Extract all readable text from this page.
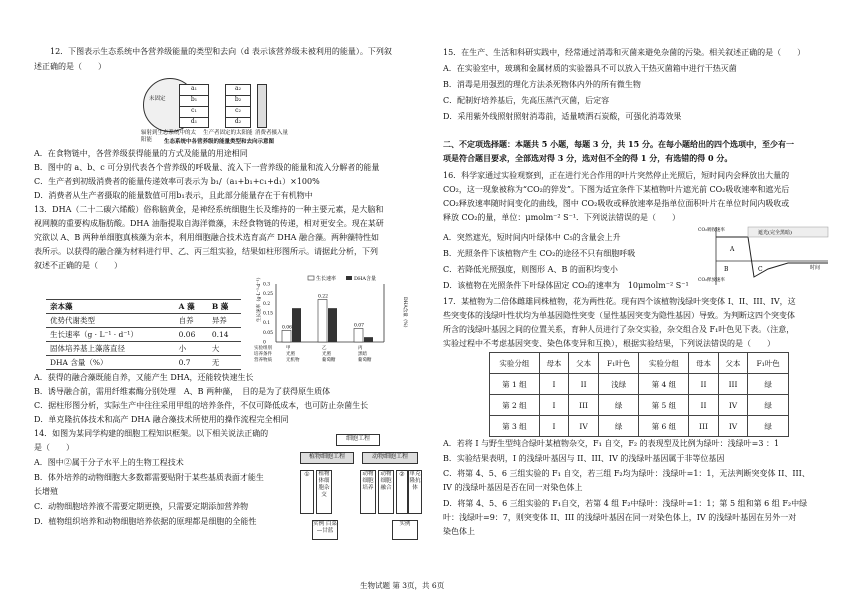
12．下图表示生态系统中各营养级能量的类型和去向（d 表示该营养级未被利用的能量）。下列叙

述正确的是（　　）

未固定
a₁
b₁
c₁
d₁
a₂
b₂
c₂
d₂
辐射到生态系统中的太阳能
生产者固定的太阳能 消费者摄入量
生态系统中各营养级的能量类型和去向示意图

A．在食物链中，各营养级获得能量的方式及能量的用途相同

B．图中的 a、b、c 可分别代表各个营养级的呼吸量、流入下一营养级的能量和流入分解者的能量

C．生产者到初级消费者的能量传递效率可表示为 b₁/（a₁+b₁+c₁+d₁）×100%

D．消费者从生产者摄取的能量数值可用b₁表示，且此部分能量存在于有机物中

13．DHA（二十二碳六烯酸）俗称脑黄金，是神经系统细胞生长及维持的一种主要元素，是大脑和

视网膜的重要构成脂肪酸。DHA 油脂提取自海洋微藻，未经食物链的传递，相对更安全。现在某研

究欲以 A、B 两种单细胞真核藻为亲本，利用细胞融合技术选育高产 DHA 融合藻。两种藻特性如

表所示。以获得的融合藻为材料进行甲、乙、丙三组实验，结果如柱形图所示。请据此分析，下列

叙述不正确的是（　　）

亲本藻	A 藻	B 藻
优势代谢类型	自养	异养
生长速率（g · L⁻¹ · d⁻¹）	0.06	0.14
固体培养基上藻落直径	小	大
DHA 含量（%）	0.7	无
0.3
0.25
0.2
0.15
0.1
0.05
0
0.06
0.22
0.07
生长速率	DHA含量
生长速率（g·L⁻¹·d⁻¹）	DHA含量（%）
甲
光照
无机物
乙
光照
葡萄糖
丙
黑暗
葡萄糖
实验组别
培养条件
营养物质

A．获得的融合藻既能自养，又能产生 DHA，还能较快速生长

B．诱导融合前，需用纤维素酶分别处理　A、B 两种藻，　目的是为了获得原生质体

C．据柱形图分析，实际生产中往往采用甲组的培养条件，不仅可降低成本，也可防止杂菌生长

D．单克隆抗体技术和高产 DHA 融合藻技术所使用的操作流程完全相同

14．如图为某同学构建的细胞工程知识框架。以下相关说法正确的

是（　　）

A．图中②属于分子水平上的生物工程技术

B．体外培养的动物细胞大多数都需要贴附于某些基质表面才能生

长增殖

C．动物细胞培养液不需要定期更换，只需要定期添加营养物

D．植物组织培养和动物细胞培养依据的原理都是细胞的全能性

细胞工程
植物细胞工程	动物细胞工程
①	植物体细胞杂交
动物细胞培养
动物细胞融合
② 单克隆抗体
实例 白菜—甘蓝
实例

15．在生产、生活和科研实践中，经常通过消毒和灭菌来避免杂菌的污染。相关叙述正确的是（　　）

A．在实验室中，玻璃和金属材质的实验器具不可以放入干热灭菌箱中进行干热灭菌

B．消毒是用强烈的理化方法杀死物体内外的所有微生物

C．配制好培养基后，先高压蒸汽灭菌，后定容

D．采用紫外线照射照射消毒前，适量喷洒石炭酸，可强化消毒效果

二、不定项选择题：本题共 5 小题，每题 3 分，共 15 分。在每小题给出的四个选项中，至少有一

项是符合题目要求，全部选对得 3 分，选对但不全的得 1 分，有选错的得 0 分。

16．科学家通过实验观察到，正在进行光合作用的叶片突然停止光照后，短时间内会释放出大量的

CO₂，这一现象被称为“CO₂的猝发”。下图为适宜条件下某植物叶片遮光前 CO₂吸收速率和遮光后

CO₂释放速率随时间变化的曲线，图中 CO₂吸收或释放速率是指单位面积叶片在单位时间内吸收或

释放 CO₂的量，单位：μmolm⁻² S⁻¹．下列说法错误的是（　　）

A．突然遮光，短时间内叶绿体中 C₅的含量会上升

B．光照条件下该植物产生 CO₂的途径不只有细胞呼吸

C．若降低光照强度，则图形 A、B 的面积均变小

D．该植物在光照条件下叶绿体固定 CO₂的速率为　10μmolm⁻² S⁻¹

遮光(完全黑暗)
A
B	C
CO₂吸收速率
CO₂释放速率
时间

17．某植物为二倍体雌雄同株植物，花为两性花。现有四个该植物浅绿叶突变体 I、II、III、IV，这

些突变体的浅绿叶性状均为单基因隐性突变（显性基因突变为隐性基因）导致。为判断这四个突变体

所含的浅绿叶基因之间的位置关系，育种人员进行了杂交实验，杂交组合及 F₁叶色见下表。（注意，

实验过程中不考虑基因突变、染色体变异和互换），根据实验结果，下列说法错误的是（　　）

实验分组	母本	父本	F₁叶色	实验分组	母本	父本	F₁叶色
第 1 组	I	II	浅绿	第 4 组	II	III	绿
第 2 组	I	III	绿	第 5 组	II	IV	绿
第 3 组	I	IV	绿	第 6 组	III	IV	绿

A．若将 I 与野生型纯合绿叶某植物杂交，F₁ 自交，F₂ 的表现型及比例为绿叶：浅绿叶=3 ：1

B．实验结果表明，I 的浅绿叶基因与 II、III、IV 的浅绿叶基因属于非等位基因

C．将第 4、5、6 三组实验的 F₁ 自交，若三组 F₂均为绿叶：浅绿叶=1：1，无法判断突变体 II、III、

IV 的浅绿叶基因是否在同一对染色体上

D．将第 4、5、6 三组实验的 F₁自交，若第 4 组 F₂中绿叶：浅绿叶=1：1；第 5 组和第 6 组 F₂中绿

叶：浅绿叶=9：7，则突变体 II、III 的浅绿叶基因在同一对染色体上，IV 的浅绿叶基因在另外一对

染色体上

生物试题 第 3页，共 6页
